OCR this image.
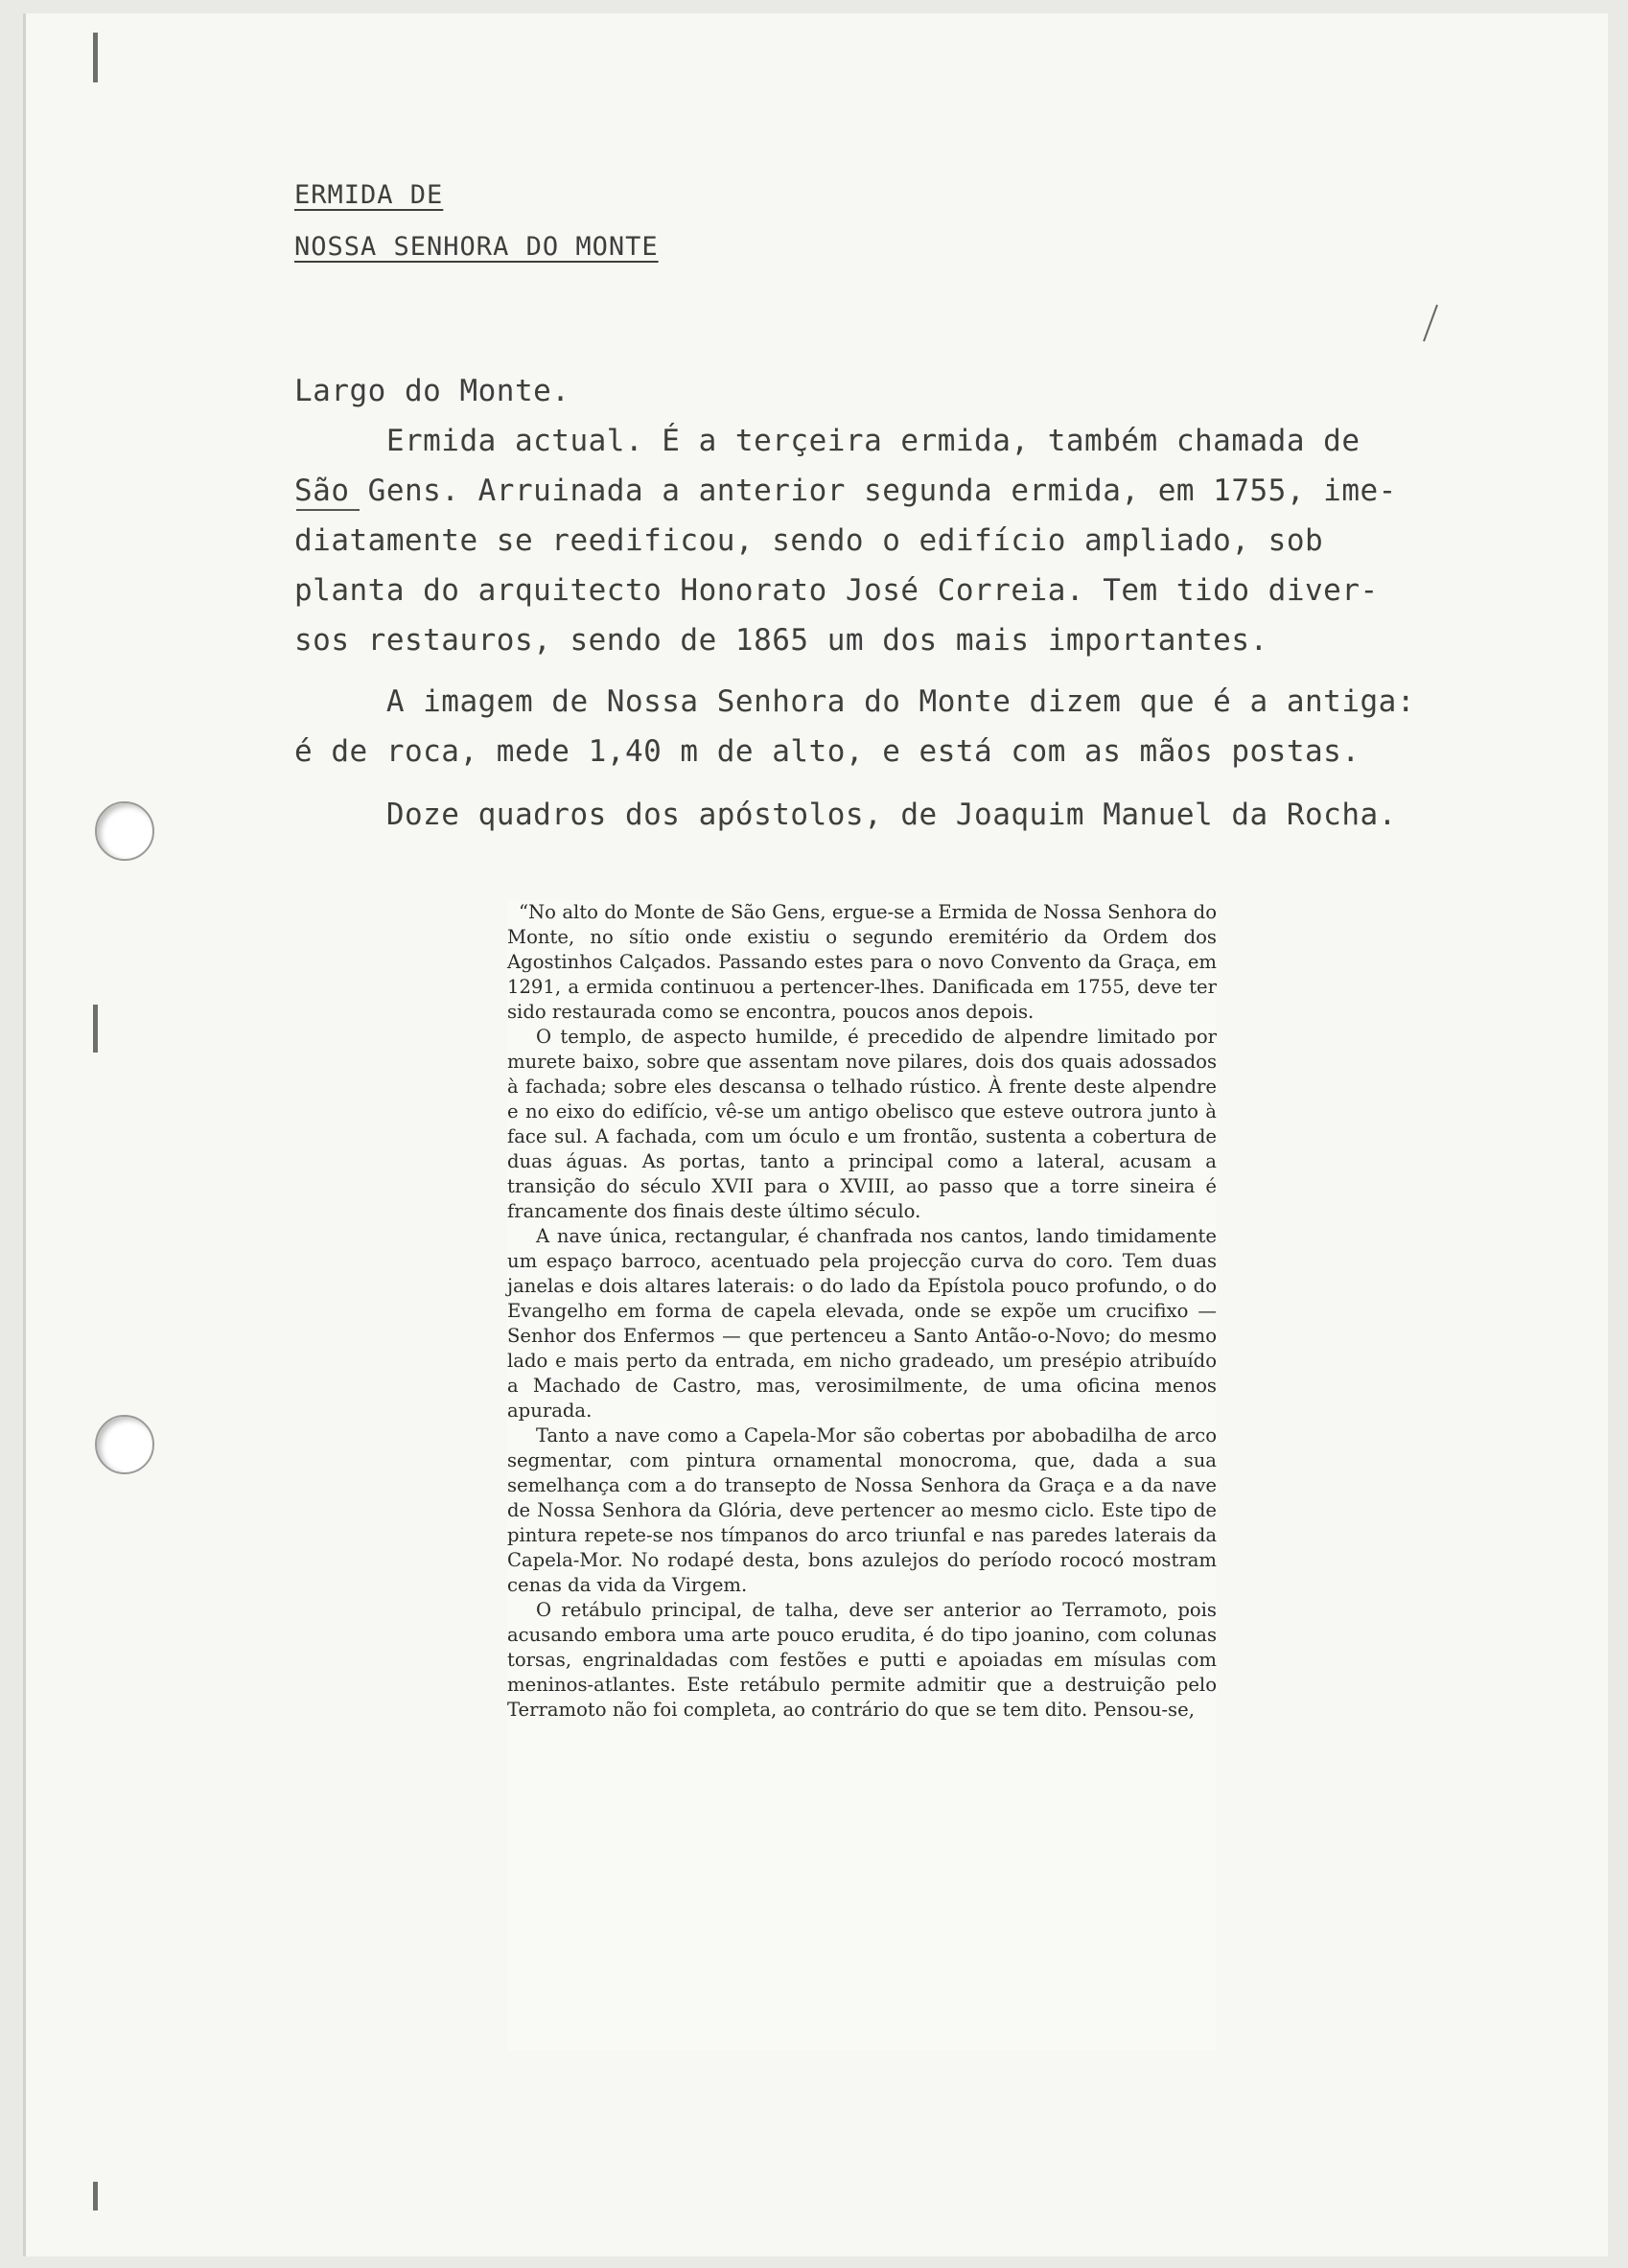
ERMIDA DE
NOSSA SENHORA DO MONTE
Largo do Monte.
Ermida actual. É a terçeira ermida, também chamada de
São Gens. Arruinada a anterior segunda ermida, em 1755, ime-
diatamente se reedificou, sendo o edifício ampliado, sob
planta do arquitecto Honorato José Correia. Tem tido diver-
sos restauros, sendo de 1865 um dos mais importantes.
A imagem de Nossa Senhora do Monte dizem que é a antiga:
é de roca, mede 1,40 m de alto, e está com as mãos postas.
Doze quadros dos apóstolos, de Joaquim Manuel da Rocha.

“No alto do Monte de São Gens, ergue-se a Ermida de Nossa Senhora do Monte, no sítio onde existiu o segundo eremitério da Ordem dos Agostinhos Calçados. Passando estes para o novo Convento da Graça, em 1291, a ermida continuou a pertencer-lhes. Danificada em 1755, deve ter sido restaurada como se encontra, poucos anos depois.

O templo, de aspecto humilde, é precedido de alpendre limitado por murete baixo, sobre que assentam nove pilares, dois dos quais adossados à fachada; sobre eles descansa o telhado rústico. À frente deste alpendre e no eixo do edifício, vê-se um antigo obelisco que esteve outrora junto à face sul. A fachada, com um óculo e um frontão, sustenta a cobertura de duas águas. As portas, tanto a principal como a lateral, acusam a transição do século XVII para o XVIII, ao passo que a torre sineira é francamente dos finais deste último século.

A nave única, rectangular, é chanfrada nos cantos, lando timidamente um espaço barroco, acentuado pela projecção curva do coro. Tem duas janelas e dois altares laterais: o do lado da Epístola pouco profundo, o do Evangelho em forma de capela elevada, onde se expõe um crucifixo — Senhor dos Enfermos — que pertenceu a Santo Antão-o-Novo; do mesmo lado e mais perto da entrada, em nicho gradeado, um presépio atribuído a Machado de Castro, mas, verosimilmente, de uma oficina menos apurada.

Tanto a nave como a Capela-Mor são cobertas por abobadilha de arco segmentar, com pintura ornamental monocroma, que, dada a sua semelhança com a do transepto de Nossa Senhora da Graça e a da nave de Nossa Senhora da Glória, deve pertencer ao mesmo ciclo. Este tipo de pintura repete-se nos tímpanos do arco triunfal e nas paredes laterais da Capela-Mor. No rodapé desta, bons azulejos do período rococó mostram cenas da vida da Virgem.

O retábulo principal, de talha, deve ser anterior ao Terramoto, pois acusando embora uma arte pouco erudita, é do tipo joanino, com colunas torsas, engrinaldadas com festões e putti e apoiadas em mísulas com meninos-atlantes. Este retábulo permite admitir que a destruição pelo Terramoto não foi completa, ao contrário do que se tem dito. Pensou-se,
